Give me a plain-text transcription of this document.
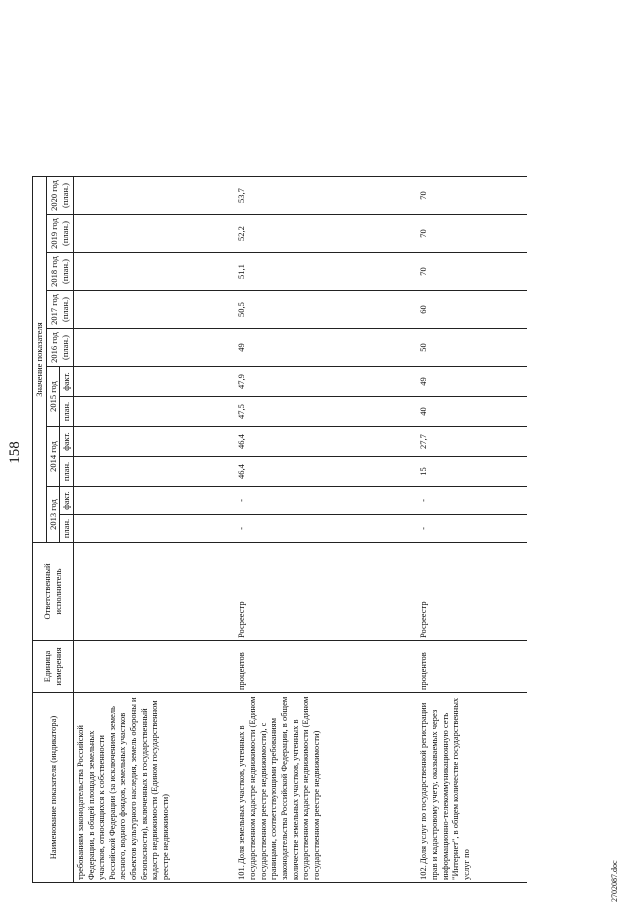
158
Наименование показателя (индикатора)	Единица измерения	Ответственный исполнитель	Значение показателя										
			2013 год		2014 год		2015 год		2016 год (план.)	2017 год (план.)	2018 год (план.)	2019 год (план.)	2020 год (план.)
			план.	факт.	план.	факт.	план.	факт.					
требованиям законодательства Российской Федерации, в общей площади земельных участков, относящихся к собственности Российской Федерации (за исключением земель лесного, водного фондов, земельных участков объектов культурного наследия, земель обороны и безопасности), включенных в государственный кадастр недвижимости (Едином государственном реестре недвижимости)													
101.Доля земельных участков, учтенных в государственном кадастре недвижимости (Едином государственном реестре недвижимости), с границами, соответствующими требованиям законодательства Российской Федерации, в общем количестве земельных участков, учтенных в государственном кадастре недвижимости (Едином государственном реестре недвижимости)	процентов	Росреестр	-	-	46,4	46,4	47,5	47,9	49	50,5	51,1	52,2	53,7
102.Доля услуг по государственной регистрации прав и кадастровому учету, оказываемых через информационно-телекоммуникационную сеть "Интернет", в общем количестве государственных услуг по	процентов	Росреестр	-	-	15	27,7	40	49	50	60	70	70	70
2702087.doc
